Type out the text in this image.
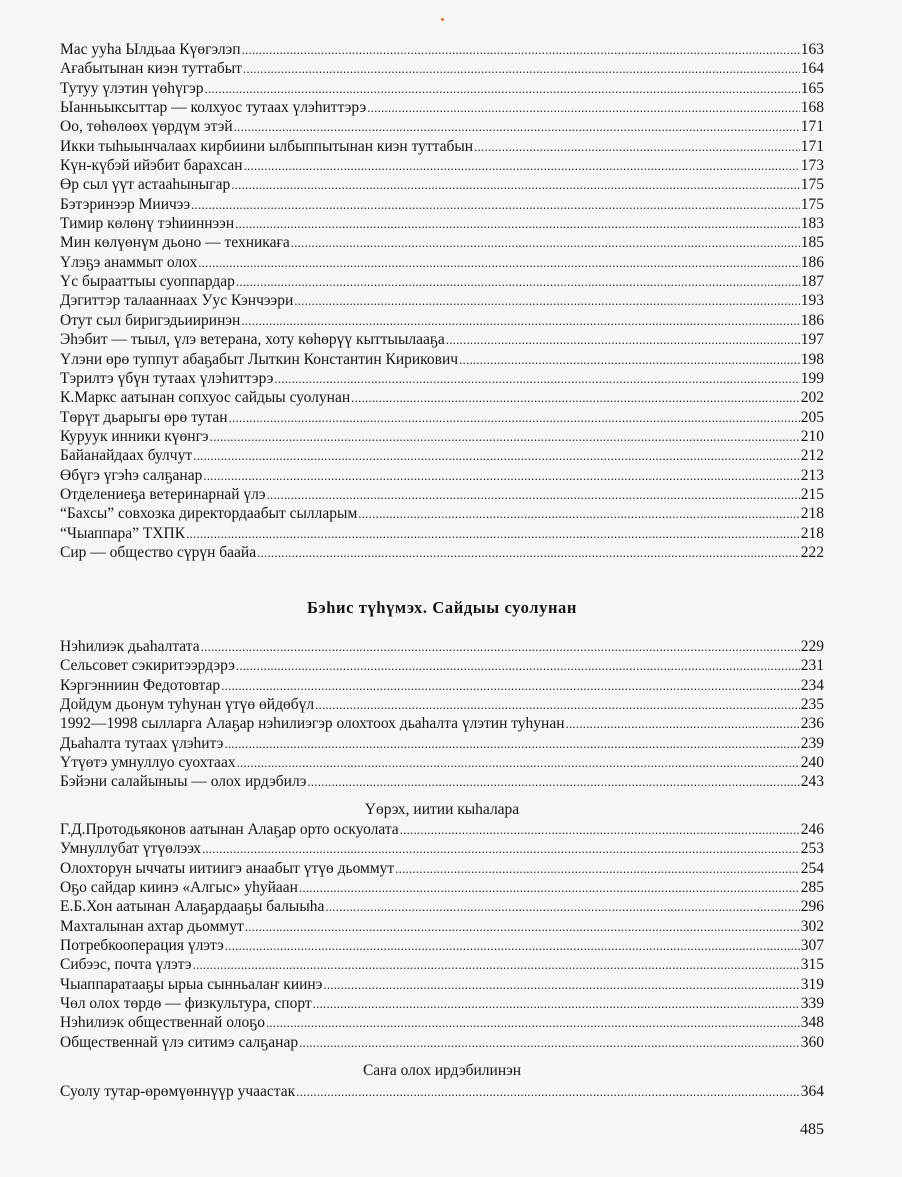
Мас ууһа Ылдьаа Күөгэлэп .....	163
Ағабытынан киэн туттабыт .....	164
Тутуу үлэтин үөһүгэр .....	165
Ыанньыксыттар — колхуос тутаах үлэһиттэрэ .....	168
Оо, төһөлөөх үөрдүм этэй .....	171
Икки тыһыынчалаах кирбиини ылбыппытынан киэн туттабын .....	171
Күн-күбэй ийэбит барахсан .....	173
Өр сыл үүт астааһыныгар .....	175
Бэтэринээр Миичээ .....	175
Тимир көлөнү тэһииннээн .....	183
Мин көлүөнүм дьоно — техникаға .....	185
Үлэҕэ анаммыт олох .....	186
Үс бырааттыы суоппардар .....	187
Дэгиттэр талааннаах Уус Кэнчээри .....	193
Отут сыл биригэдьииринэн .....	186
Эһэбит — тыыл, үлэ ветерана, хоту көһөрүү кыттыылааҕа .....	197
Үлэни өрө туппут абаҕабыт Лыткин Константин Кирикович .....	198
Тэрилтэ үбүн тутаах үлэһиттэрэ .....	199
К.Маркс аатынан сопхуос сайдыы суолунан .....	202
Төрүт дьарыгы өрө тутан .....	205
Куруук инники күөнгэ .....	210
Байанайдаах булчут .....	212
Өбүгэ үгэһэ салҕанар .....	213
Отделениеҕа ветеринарнай үлэ .....	215
“Бахсы” совхозка директордаабыт сылларым .....	218
“Чыаппара” ТХПК .....	218
Сир — общество сүрүн баайа .....	222
Бэһис түһүмэх. Сайдыы суолунан
Нэһилиэк дьаһалтата .....	229
Сельсовет сэкиритээрдэрэ .....	231
Кэргэнниин Федотовтар .....	234
Дойдум дьонум туһунан үтүө өйдөбүл .....	235
1992—1998 сылларга Алаҕар нэһилиэгэр олохтоох дьаһалта үлэтин туһунан .....	236
Дьаһалта тутаах үлэһитэ .....	239
Үтүөтэ умнуллуо суохтаах .....	240
Бэйэни салайыныы — олох ирдэбилэ .....	243
Үөрэх, иитии кыһалара
Г.Д.Протодьяконов аатынан Алаҕар орто оскуолата .....	246
Умнуллубат үтүөлээх .....	253
Олохторун ыччаты иитиигэ анаабыт үтүө дьоммут .....	254
Оҕо сайдар киинэ «Алгыс» уһуйаан .....	285
Е.Б.Хон аатынан Алаҕардааҕы балыыһа .....	296
Махталынан ахтар дьоммут .....	302
Потребкооперация үлэтэ .....	307
Сибээс, почта үлэтэ .....	315
Чыаппаратааҕы ырыа сынньалаҥ киинэ .....	319
Чөл олох төрдө — физкультура, спорт .....	339
Нэһилиэк общественнай олоҕо .....	348
Общественнай үлэ ситимэ салҕанар .....	360
Саҥа олох ирдэбилинэн
Суолу тутар-өрөмүөннүүр учаастак .....	364
485
